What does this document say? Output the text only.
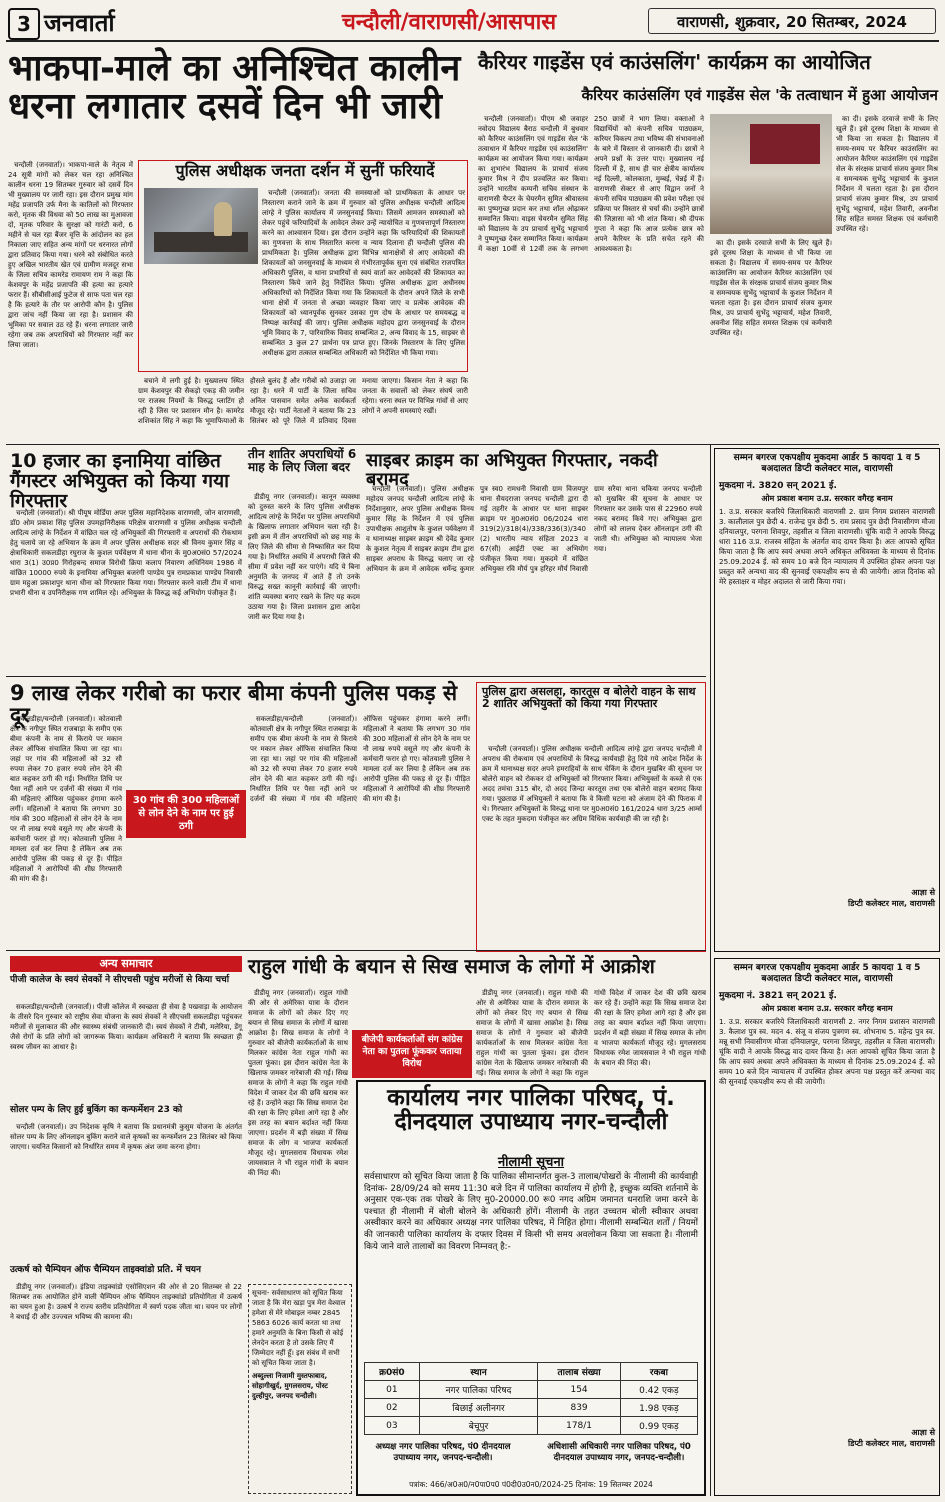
3 जनवार्ता	चन्दौली/वाराणसी/आसपास	वाराणसी, शुक्रवार, 20 सितम्बर, 2024
भाकपा-माले का अनिश्चित कालीन धरना लगातार दसवें दिन भी जारी

चन्दौली (जनवार्ता)। भाकपा-माले के नेतृत्व में 24 सूत्री मांगों को लेकर चल रहा अनिश्चित कालीन धरना 19 सितम्बर गुरुवार को दसवें दिन भी मुख्यालय पर जारी रहा। इस दौरान प्रमुख मांग महेंद्र प्रजापति उर्फ मैना के कातिलों को गिरफ्तार करो, मृतक की विधवा को 50 लाख का मुआवजा दो, मृतक परिवार के सुरक्षा को गारंटी करो, 6 महीने से चल रहा बैंजर वृत्ति के आंदोलन का हल निकाला जाए सहित अन्य मांगों पर धरनारत लोगों द्वारा प्रतिवाद किया गया। धरने को संबोधित करते हुए अखिल भारतीय खेत एवं ग्रामीण मजदूर सभा के जिला सचिव कामरेड रामायण राम ने कहा कि केशवपुर के महेंद्र प्रजापति की हत्या का हत्यारे फरार हैं। सीबीसीआई फुटेज से साफ पता चल रहा है कि हत्यारे के तौर पर आरोपी कौन है। पुलिस द्वारा जांच नहीं किया जा रहा है। प्रशासन की भूमिका पर सवाल उठ रहे हैं। धरना लगातार जारी रहेगा जब तक अपराधियों को गिरफ्तार नहीं कर लिया जाता।

पुलिस अधीक्षक जनता दर्शन में सुनीं फरियादें

चन्दौली (जनवार्ता)। जनता की समस्याओं को प्राथमिकता के आधार पर निस्तारण कराने जाने के क्रम में गुरुवार को पुलिस अधीक्षक चन्दौली आदित्य लांग्हे ने पुलिस कार्यालय में जनसुनवाई किया। जिसमें आमजन समस्याओं को लेकर पहुंचे फरियादियों के आवेदन लेकर उन्हें न्यायोचित व गुणवत्तापूर्ण निस्तारण करने का आश्वासन दिया। इस दौरान उन्होंने कहा कि फरियादियों की शिकायतों का गुणवत्ता के साथ निस्तारित करना व न्याय दिलाना ही चन्दौली पुलिस की प्राथमिकता है। पुलिस अधीक्षक द्वारा विभिन्न थानाक्षेत्रों से आए आवेदकों की शिकायतों को जनसुनवाई के माध्यम से गंभीरतापूर्वक सुना एवं संबंधित राजपत्रित अधिकारी पुलिस, व थाना प्रभारियों से स्वयं वार्ता कर आवेदकों की शिकायत का निस्तारण किये जाने हेतु निर्देशित किया। पुलिस अधीक्षक द्वारा अधीनस्थ अधिकारियों को निर्देशित किया गया कि शिकायतों के दौरान अपने जिले के सभी थाना क्षेत्रों में जनता से अच्छा व्यवहार किया जाए व प्रत्येक आवेदक की शिकायतों को ध्यानपूर्वक सुनकर उसका गुण दोष के आधार पर समयबद्ध व निष्पक्ष कार्रवाई की जाए। पुलिस अधीक्षक महोदय द्वारा जनसुनवाई के दौरान भूमि विवाद के 7, पारिवारिक विवाद सम्बन्धित 2, अन्य विवाद के 15, साइबर से सम्बन्धित 3 कुल 27 प्रार्थना पत्र प्राप्त हुए। जिनके निस्तारण के लिए पुलिस अधीक्षक द्वारा तत्काल सम्बन्धित अधिकारी को निर्देशित भी किया गया।

बचाने में लगी हुई है। मुख्यालय स्थित ग्राम केशवपुर की सैकड़ो एकड़ की जमीन पर राजस्व नियमों के विरुद्ध प्लाटिंग हो रही है जिस पर प्रशासन मौन है। कामरेड शशिकांत सिंह ने कहा कि भूमाफियाओं के हौसले बुलंद हैं और गरीबों को उजाड़ा जा रहा है। धरने में पार्टी के जिला सचिव अनिल पासवान समेत अनेक कार्यकर्ता मौजूद रहे। पार्टी नेताओं ने बताया कि 23 सितंबर को पूरे जिले में प्रतिवाद दिवस मनाया जाएगा। किसान नेता ने कहा कि जनता के सवालों को लेकर संघर्ष जारी रहेगा। धरना स्थल पर विभिन्न गांवों से आए लोगों ने अपनी समस्याएं रखीं।

कैरियर गाइडेंस एवं काउंसलिंग' कार्यक्रम का आयोजित
कैरियर काउंसलिंग एवं गाइडेंस सेल 'के तत्वाधान में हुआ आयोजन

चन्दौली (जनवार्ता)। पीएम श्री जवाहर नवोदय विद्यालय बैराठ चन्दौली में बुधवार को कैरियर काउंसलिंग एवं गाइडेंस सेल 'के तत्वाधान में कैरियर गाइडेंस एवं काउंसलिंग' कार्यक्रम का आयोजन किया गया। कार्यक्रम का शुभारंभ विद्यालय के प्राचार्य संजय कुमार मिश्र ने दीप प्रज्वलित कर किया। उन्होंने भारतीय कम्पनी सचिव संस्थान के वाराणसी चैप्टर के चेयरमैन सुमित श्रीवास्तव का पुष्पगुच्छ प्रदान कर तथा शॉल ओढ़ाकर सम्मानित किया। वाइस चेयरमैन सुमित सिंह को विद्यालय के उप प्राचार्य सुभेंदु भट्टाचार्य ने पुष्पगुच्छ देकर सम्मानित किया। कार्यक्रम में कक्षा 10वीं से 12वीं तक के लगभग 250 छात्रों ने भाग लिया। वक्ताओं ने विद्यार्थियों को कंपनी सचिव पाठ्यक्रम, करियर विकल्प तथा भविष्य की संभावनाओं के बारे में विस्तार से जानकारी दी। छात्रों ने अपने प्रश्नों के उत्तर पाए। मुख्यालय नई दिल्ली में है, साथ ही चार क्षेत्रीय कार्यालय नई दिल्ली, कोलकाता, मुम्बई, चेन्नई में हैं। वाराणसी सेक्टर से आए विद्वान जनों ने कंपनी सचिव पाठ्यक्रम की प्रवेश परीक्षा एवं प्रक्रिया पर विस्तार से चर्चा की। उन्होंने छात्रों की जिज्ञासा को भी शांत किया। श्री दीपक गुप्ता ने कहा कि आज प्रत्येक छात्र को अपने कैरियर के प्रति सचेत रहने की आवश्यकता है।

का दी। इसके दरवाजे सभी के लिए खुले हैं। इसे दूरस्थ शिक्षा के माध्यम से भी किया जा सकता है। विद्यालय में समय-समय पर कैरियर काउंसलिंग का आयोजन कैरियर काउंसलिंग एवं गाइडेंस सेल के संरक्षक प्राचार्य संजय कुमार मिश्र व समन्वयक सुभेंदु भट्टाचार्य के कुशल निर्देशन में चलता रहता है। इस दौरान प्राचार्य संजय कुमार मिश्र, उप प्राचार्य सुभेंदु भट्टाचार्य, महेश तिवारी, अवनीश सिंह सहित समस्त शिक्षक एवं कर्मचारी उपस्थित रहे।

का दी। इसके दरवाजे सभी के लिए खुले हैं। इसे दूरस्थ शिक्षा के माध्यम से भी किया जा सकता है। विद्यालय में समय-समय पर कैरियर काउंसलिंग का आयोजन कैरियर काउंसलिंग एवं गाइडेंस सेल के संरक्षक प्राचार्य संजय कुमार मिश्र व समन्वयक सुभेंदु भट्टाचार्य के कुशल निर्देशन में चलता रहता है। इस दौरान प्राचार्य संजय कुमार मिश्र, उप प्राचार्य सुभेंदु भट्टाचार्य, महेश तिवारी, अवनीश सिंह सहित समस्त शिक्षक एवं कर्मचारी उपस्थित रहे।

10 हजार का इनामिया वांछित गैंगस्टर अभियुक्त को किया गया गिरफ्तार

चन्दौली (जनवार्ता)। श्री पीयूष मोर्डिया अपर पुलिस महानिदेशक वाराणसी, जोन वाराणसी, डॉ0 ओम प्रकाश सिंह पुलिस उपमहानिरीक्षक परिक्षेत्र वाराणसी व पुलिस अधीक्षक चन्दौली आदित्य लांग्हे के निर्देशन में वांछित चल रहे अभियुक्तों की गिरफ्तारी व अपराधों की रोकथाम हेतु चलाये जा रहे अभियान के क्रम में अपर पुलिस अधीक्षक सदर श्री विनय कुमार सिंह व क्षेत्राधिकारी सकलडीहा रघुराज के कुशल पर्यवेक्षण में थाना धीना के मु0अ0सं0 57/2024 धारा 3(1) उ0प्र0 गिरोहबन्द समाज विरोधी क्रिया कलाप निवारण अधिनियम 1986 में वांछित 10000 रुपये के इनामिया अभियुक्त बजरंगी पाण्डेय पुत्र रामप्रकाश पाण्डेय निवासी ग्राम महुआ प्रकाशपुर थाना धीना को गिरफ्तार किया गया। गिरफ्तार करने वाली टीम में थाना प्रभारी धीना व उपनिरीक्षक गण शामिल रहे। अभियुक्त के विरुद्ध कई अभियोग पंजीकृत हैं।

तीन शातिर अपराधियों 6 माह के लिए जिला बदर

डीडीयू नगर (जनवार्ता)। कानून व्यवस्था को दुरुस्त करने के लिए पुलिस अधीक्षक आदित्य लांग्हे के निर्देश पर पुलिस अपराधियों के खिलाफ लगातार अभियान चला रही है। इसी क्रम में तीन अपराधियों को छह माह के लिए जिले की सीमा से निष्कासित कर दिया गया है। निर्धारित अवधि में अपराधी जिले की सीमा में प्रवेश नहीं कर पाएंगे। यदि ये बिना अनुमति के जनपद में आते हैं तो उनके विरुद्ध सख्त कानूनी कार्रवाई की जाएगी। शांति व्यवस्था बनाए रखने के लिए यह कदम उठाया गया है। जिला प्रशासन द्वारा आदेश जारी कर दिया गया है।

साइबर क्राइम का अभियुक्त गिरफ्तार, नकदी बरामद

चन्दौली (जनवार्ता)। पुलिस अधीक्षक महोदय जनपद चन्दौली आदित्य लांग्हे के निर्देशानुसार, अपर पुलिस अधीक्षक विनय कुमार सिंह के निर्देशन में एवं पुलिस उपाधीक्षक आशुतोष के कुशल पर्यवेक्षण में व थानाध्यक्ष साइबर क्राइम श्री देवेंद्र कुमार के कुशल नेतृत्व में साइबर क्राइम टीम द्वारा साइबर अपराध के विरुद्ध चलाए जा रहे अभियान के क्रम में आवेदक धर्मेन्द्र कुमार पुत्र स्व0 रामधनी निवासी ग्राम विजयपुर थाना सैयदराजा जनपद चन्दौली द्वारा दी गई तहरीर के आधार पर थाना साइबर क्राइम पर मु0अ0सं0 06/2024 धारा 319(2)/318(4)/338/336(3)/340(2) भारतीय न्याय संहिता 2023 व 67(सी) आईटी एक्ट का अभियोग पंजीकृत किया गया। मुकदमे में वांछित अभियुक्त रवि मौर्य पुत्र हरिहर मौर्य निवासी ग्राम सरैया थाना चकिया जनपद चन्दौली को मुखबिर की सूचना के आधार पर गिरफ्तार कर उसके पास से 22960 रुपये नकद बरामद किये गए। अभियुक्त द्वारा लोगों को लालच देकर ऑनलाइन ठगी की जाती थी। अभियुक्त को न्यायालय भेजा गया।

9 लाख लेकर गरीबो का फरार बीमा कंपनी पुलिस पकड़ से दूर

सकलडीहा/चन्दौली (जनवार्ता)। कोतवाली क्षेत्र के नगीपुर स्थित राजबाड़ा के समीप एक बीमा कंपनी के नाम से किराये पर मकान लेकर ऑफिस संचालित किया जा रहा था। जहां पर गांव की महिलाओं को 32 सौ रुपया लेकर 70 हजार रुपये लोन देने की बात कहकर ठगी की गई। निर्धारित तिथि पर पैसा नहीं आने पर दर्जनों की संख्या में गांव की महिलाएं ऑफिस पहुंचकर हंगामा करने लगीं। महिलाओं ने बताया कि लगभग 30 गांव की 300 महिलाओं से लोन देने के नाम पर नौ लाख रुपये वसूले गए और कंपनी के कर्मचारी फरार हो गए। कोतवाली पुलिस ने मामला दर्ज कर लिया है लेकिन अब तक आरोपी पुलिस की पकड़ से दूर हैं। पीड़ित महिलाओं ने आरोपियों की शीघ्र गिरफ्तारी की मांग की है।

30 गांव की 300 महिलाओं से लोन देने के नाम पर हुई ठगी

सकलडीहा/चन्दौली (जनवार्ता)। कोतवाली क्षेत्र के नगीपुर स्थित राजबाड़ा के समीप एक बीमा कंपनी के नाम से किराये पर मकान लेकर ऑफिस संचालित किया जा रहा था। जहां पर गांव की महिलाओं को 32 सौ रुपया लेकर 70 हजार रुपये लोन देने की बात कहकर ठगी की गई। निर्धारित तिथि पर पैसा नहीं आने पर दर्जनों की संख्या में गांव की महिलाएं ऑफिस पहुंचकर हंगामा करने लगीं। महिलाओं ने बताया कि लगभग 30 गांव की 300 महिलाओं से लोन देने के नाम पर नौ लाख रुपये वसूले गए और कंपनी के कर्मचारी फरार हो गए। कोतवाली पुलिस ने मामला दर्ज कर लिया है लेकिन अब तक आरोपी पुलिस की पकड़ से दूर हैं। पीड़ित महिलाओं ने आरोपियों की शीघ्र गिरफ्तारी की मांग की है।

पुलिस द्वारा असलहा, कारतूस व बोलेरो वाहन के साथ 2 शातिर अभियुक्तों को किया गया गिरफ्तार

चन्दौली (जनवार्ता)। पुलिस अधीक्षक चन्दौली आदित्य लांग्हे द्वारा जनपद चन्दौली में अपराध की रोकथाम एवं अपराधियों के विरुद्ध कार्यवाही हेतु दिये गये आदेश निर्देश के क्रम में थानाध्यक्ष सदर अपने हमराहियों के साथ चेकिंग के दौरान मुखबिर की सूचना पर बोलेरो वाहन को रोककर दो अभियुक्तों को गिरफ्तार किया। अभियुक्तों के कब्जे से एक अदद तमंचा 315 बोर, दो अदद जिन्दा कारतूस तथा एक बोलेरो वाहन बरामद किया गया। पूछताछ में अभियुक्तों ने बताया कि वे किसी घटना को अंजाम देने की फिराक में थे। गिरफ्तार अभियुक्तों के विरुद्ध थाना पर मु0अ0सं0 161/2024 धारा 3/25 आर्म्स एक्ट के तहत मुकदमा पंजीकृत कर अग्रिम विधिक कार्यवाही की जा रही है।

अन्य समाचार
पीजी कालेज के स्वयं सेवकों ने सीएचसी पहुंच मरीजों से किया चर्चा

सकलडीहा/चन्दौली (जनवार्ता)। पीजी कॉलेज में स्वच्छता ही सेवा है पखवाड़ा के आयोजन के तीसरे दिन गुरुवार को राष्ट्रीय सेवा योजना के स्वयं सेवकों ने सीएचसी सकलडीहा पहुंचकर मरीजों से मुलाकात की और स्वास्थ्य संबंधी जानकारी दी। स्वयं सेवकों ने टीबी, मलेरिया, डेंगू जैसे रोगों के प्रति लोगों को जागरूक किया। कार्यक्रम अधिकारी ने बताया कि स्वच्छता ही स्वस्थ जीवन का आधार है।

सोलर पम्प के लिए हुई बुकिंग का कन्फर्मेशन 23 को

चन्दौली (जनवार्ता)। उप निदेशक कृषि ने बताया कि प्रधानमंत्री कुसुम योजना के अंतर्गत सोलर पम्प के लिए ऑनलाइन बुकिंग कराने वाले कृषकों का कन्फर्मेशन 23 सितंबर को किया जाएगा। चयनित किसानों को निर्धारित समय में कृषक अंश जमा करना होगा।

उत्कर्ष को चैम्पियन ऑफ चैम्पियन ताइक्वांडो प्रति. में चयन

डीडीयू नगर (जनवार्ता)। इंडिया ताइक्वांडो एसोसिएशन की ओर से 20 सितम्बर से 22 सितम्बर तक आयोजित होने वाली चैम्पियन ऑफ चैम्पियन ताइक्वांडो प्रतियोगिता में उत्कर्ष का चयन हुआ है। उत्कर्ष ने राज्य स्तरीय प्रतियोगिता में स्वर्ण पदक जीता था। चयन पर लोगों ने बधाई दी और उज्ज्वल भविष्य की कामना की।

राहुल गांधी के बयान से सिख समाज के लोगों में आक्रोश

डीडीयू नगर (जनवार्ता)। राहुल गांधी की ओर से अमेरिका यात्रा के दौरान समाज के लोगों को लेकर दिए गए बयान से सिख समाज के लोगों में खासा आक्रोश है। सिख समाज के लोगों ने गुरुवार को बीजेपी कार्यकर्ताओं के साथ मिलकर कांग्रेस नेता राहुल गांधी का पुतला फूंका। इस दौरान कांग्रेस नेता के खिलाफ जमकर नारेबाजी की गई। सिख समाज के लोगों ने कहा कि राहुल गांधी विदेश में जाकर देश की छवि खराब कर रहे हैं। उन्होंने कहा कि सिख समाज देश की रक्षा के लिए हमेशा आगे रहा है और इस तरह का बयान बर्दाश्त नहीं किया जाएगा। प्रदर्शन में बड़ी संख्या में सिख समाज के लोग व भाजपा कार्यकर्ता मौजूद रहे। मुगलसराय विधायक रमेश जायसवाल ने भी राहुल गांधी के बयान की निंदा की।

बीजेपी कार्यकर्ताओं संग कांग्रेस नेता का पुतला फूंककर जताया विरोध

डीडीयू नगर (जनवार्ता)। राहुल गांधी की ओर से अमेरिका यात्रा के दौरान समाज के लोगों को लेकर दिए गए बयान से सिख समाज के लोगों में खासा आक्रोश है। सिख समाज के लोगों ने गुरुवार को बीजेपी कार्यकर्ताओं के साथ मिलकर कांग्रेस नेता राहुल गांधी का पुतला फूंका। इस दौरान कांग्रेस नेता के खिलाफ जमकर नारेबाजी की गई। सिख समाज के लोगों ने कहा कि राहुल गांधी विदेश में जाकर देश की छवि खराब कर रहे हैं। उन्होंने कहा कि सिख समाज देश की रक्षा के लिए हमेशा आगे रहा है और इस तरह का बयान बर्दाश्त नहीं किया जाएगा। प्रदर्शन में बड़ी संख्या में सिख समाज के लोग व भाजपा कार्यकर्ता मौजूद रहे। मुगलसराय विधायक रमेश जायसवाल ने भी राहुल गांधी के बयान की निंदा की।

कार्यालय नगर पालिका परिषद, पं. दीनदयाल उपाध्याय नगर-चन्दौली
नीलामी सूचना
सर्वसाधारण को सूचित किया जाता है कि पालिका सीमान्तर्गत कुल-3 तालाब/पोखरों के नीलामी की कार्यवाही दिनांक- 28/09/24 को समय 11:30 बजे दिन में पालिका कार्यालय में होगी है, इच्छुक व्यक्ति शर्तनामें के अनुसार एक-एक तक पोखरे के लिए मु0-20000.00 रू0 नगद अग्रिम जमानत धनराशि जमा करने के पश्चात ही नीलामी में बोली बोलने के अधिकारी होंगें। नीलामी के तहत उच्चतम बोली स्वीकार अथवा अस्वीकार करने का अधिकार अध्यक्ष नगर पालिका परिषद, में निहित होगा। नीलामी सम्बन्धित शर्तों / नियमों की जानकारी पालिका कार्यालय के दफ्तर दिवस में किसी भी समय अवलोकन किया जा सकता है। नीलामी किये जाने वाले तालाबों का विवरण निम्नवत् है:-
क्र0सं0	स्थान	तालाब संख्या	रकबा
01	नगर पालिका परिषद	154	0.42 एकड़
02	बिछाई अलीनगर	839	1.98 एकड़
03	बेचूपुर	178/1	0.99 एकड़
अध्यक्ष नगर पालिका परिषद, पं0 दीनदयाल उपाध्याय नगर, जनपद-चन्दौली।
अधिशासी अधिकारी नगर पालिका परिषद, पं0 दीनदयाल उपाध्याय नगर, जनपद-चन्दौली।
पत्रांक: 466/अ0अ0/न0पा0प0 पं0दी0उ0न0/2024-25 दिनांक: 19 सितम्बर 2024
सूचना- सर्वसाधारण को सूचित किया जाता है कि मेरा खड़ा पुत्र मेरा वेश्वाल हमेशा से मेरे मोबाइल नम्बर 2845 5863 6026 कार्य करता था तथा हमारे अनुमति के बिना किसी से कोई लेनदेन करता है तो उसके लिए मैं जिम्मेदार नहीं हूँ। इस संबंध में सभी को सूचित किया जाता है।
अब्दुल्ला निजामी मुस्तफाबाद, सोहागीखुर्द, मुगलसराय, पोस्ट दुल्हीपुर, जनपद चन्दौली।
सम्मन बगरज एकपक्षीय मुकदमा आर्डर 5 कायदा 1 व 5 बअदालत डिप्टी कलेक्टर माल, वाराणसी
मुकदमा नं. 3820 सन् 2021 ई.
ओम प्रकाश बनाम उ.प्र. सरकार वगैरह बनाम
1. उ.प्र. सरकार बजरिये जिलाधिकारी वाराणसी 2. ग्राम निगम प्रशासन वाराणसी 3. कालीलाल पुत्र छेदी 4. राजेन्द्र पुत्र छेदी 5. राम प्रसाद पुत्र छेदी निवासीगण मौजा दनियालपुर, परगना शिवपुर, तहसील व जिला वाराणसी। चूंकि वादी ने आपके विरुद्ध धारा 116 उ.प्र. राजस्व संहिता के अंतर्गत वाद दायर किया है। अतः आपको सूचित किया जाता है कि आप स्वयं अथवा अपने अधिकृत अधिवक्ता के माध्यम से दिनांक 25.09.2024 ई. को समय 10 बजे दिन न्यायालय में उपस्थित होकर अपना पक्ष प्रस्तुत करें अन्यथा वाद की सुनवाई एकपक्षीय रूप से की जायेगी। आज दिनांक को मेरे हस्ताक्षर व मोहर अदालत से जारी किया गया।
आज्ञा से
डिप्टी कलेक्टर माल, वाराणसी
सम्मन बगरज एकपक्षीय मुकदमा आर्डर 5 कायदा 1 व 5 बअदालत डिप्टी कलेक्टर माल, वाराणसी
मुकदमा नं. 3821 सन् 2021 ई.
ओम प्रकाश बनाम उ.प्र. सरकार वगैरह बनाम
1. उ.प्र. सरकार बजरिये जिलाधिकारी वाराणसी 2. नगर निगम प्रशासन वाराणसी 3. कैलाश पुत्र स्व. मदन 4. संजू व संजय पुत्रगण स्व. शोभनाथ 5. महेन्द्र पुत्र स्व. मन्नू सभी निवासीगण मौजा दनियालपुर, परगना शिवपुर, तहसील व जिला वाराणसी। चूंकि वादी ने आपके विरुद्ध वाद दायर किया है। अतः आपको सूचित किया जाता है कि आप स्वयं अथवा अपने अधिवक्ता के माध्यम से दिनांक 25.09.2024 ई. को समय 10 बजे दिन न्यायालय में उपस्थित होकर अपना पक्ष प्रस्तुत करें अन्यथा वाद की सुनवाई एकपक्षीय रूप से की जायेगी।
आज्ञा से
डिप्टी कलेक्टर माल, वाराणसी
